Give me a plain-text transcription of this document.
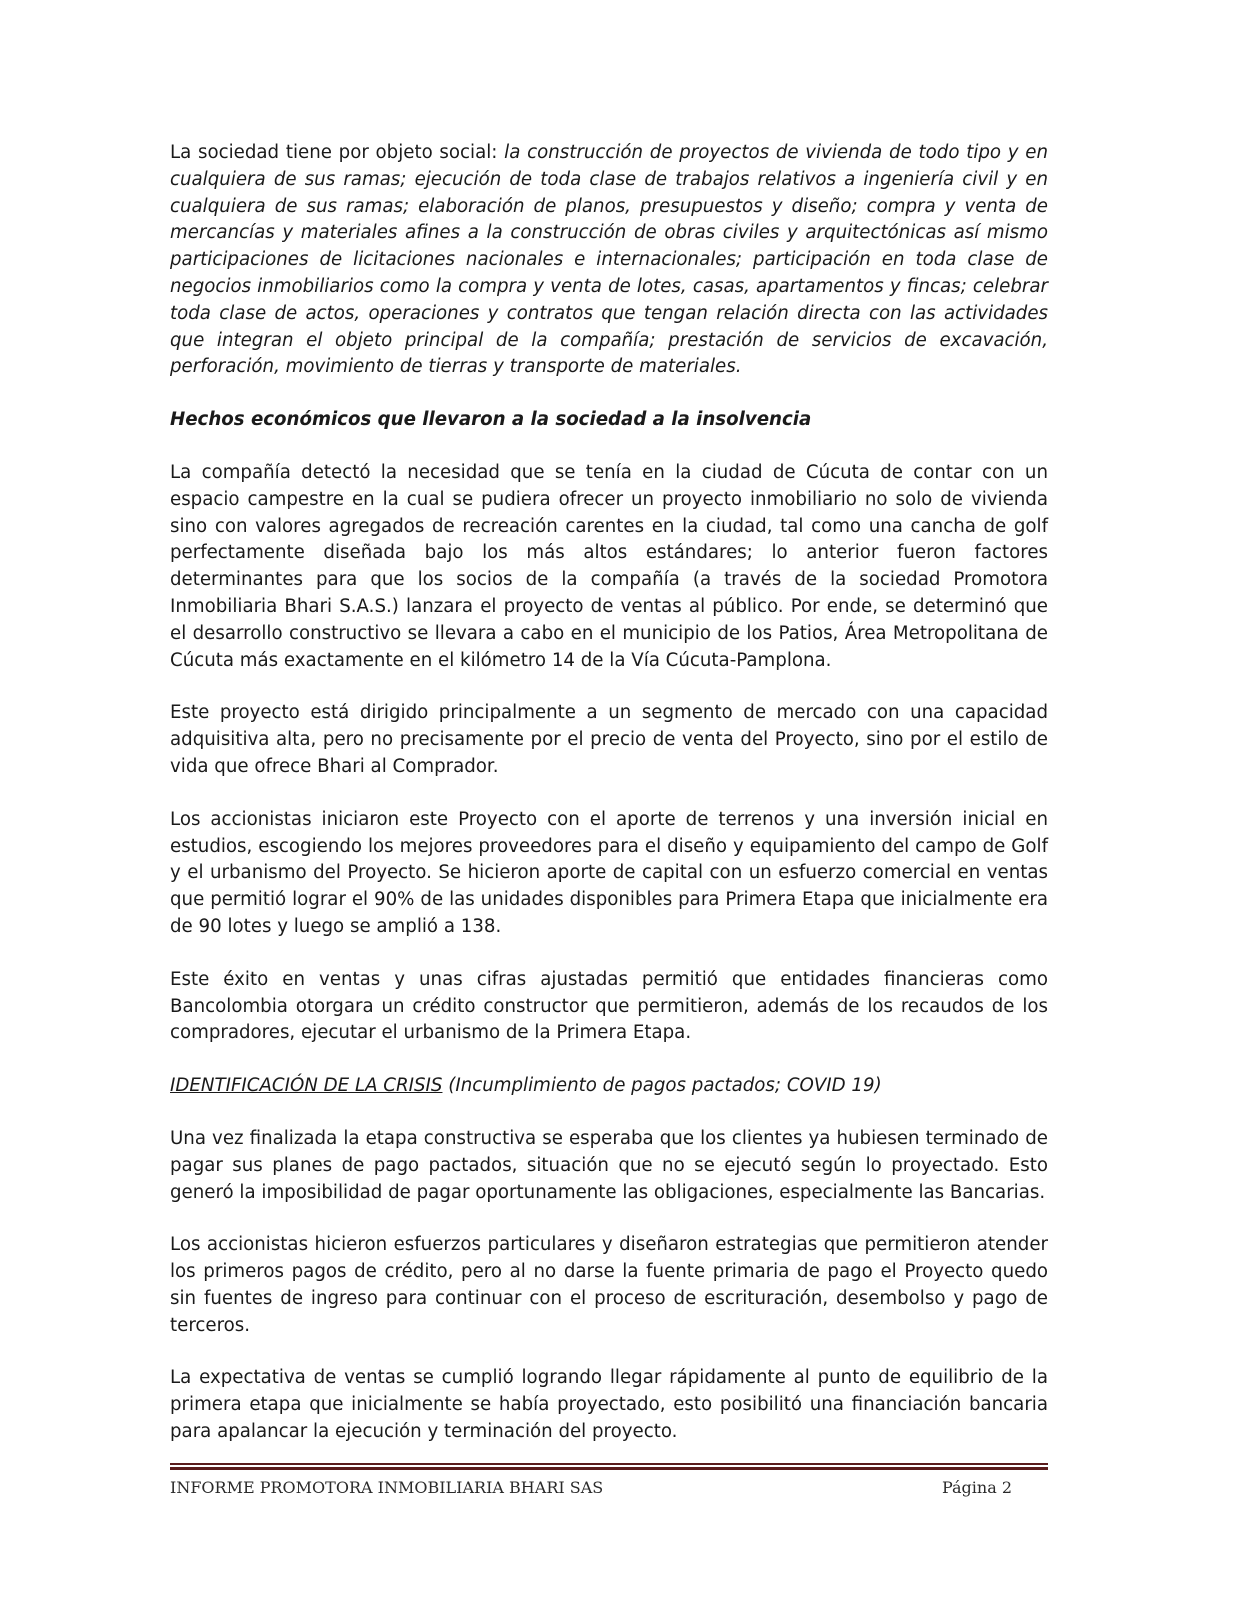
La sociedad tiene por objeto social: la construcción de proyectos de vivienda de todo tipo y en cualquiera de sus ramas; ejecución de toda clase de trabajos relativos a ingeniería civil y en cualquiera de sus ramas; elaboración de planos, presupuestos y diseño; compra y venta de mercancías y materiales afines a la construcción de obras civiles y arquitectónicas así mismo participaciones de licitaciones nacionales e internacionales; participación en toda clase de negocios inmobiliarios como la compra y venta de lotes, casas, apartamentos y fincas; celebrar toda clase de actos, operaciones y contratos que tengan relación directa con las actividades que integran el objeto principal de la compañía; prestación de servicios de excavación, perforación, movimiento de tierras y transporte de materiales.

Hechos económicos que llevaron a la sociedad a la insolvencia

La compañía detectó la necesidad que se tenía en la ciudad de Cúcuta de contar con un espacio campestre en la cual se pudiera ofrecer un proyecto inmobiliario no solo de vivienda sino con valores agregados de recreación carentes en la ciudad, tal como una cancha de golf perfectamente diseñada bajo los más altos estándares; lo anterior fueron factores determinantes para que los socios de la compañía (a través de la sociedad Promotora Inmobiliaria Bhari S.A.S.) lanzara el proyecto de ventas al público. Por ende, se determinó que el desarrollo constructivo se llevara a cabo en el municipio de los Patios, Área Metropolitana de Cúcuta más exactamente en el kilómetro 14 de la Vía Cúcuta-Pamplona.

Este proyecto está dirigido principalmente a un segmento de mercado con una capacidad adquisitiva alta, pero no precisamente por el precio de venta del Proyecto, sino por el estilo de vida que ofrece Bhari al Comprador.

Los accionistas iniciaron este Proyecto con el aporte de terrenos y una inversión inicial en estudios, escogiendo los mejores proveedores para el diseño y equipamiento del campo de Golf y el urbanismo del Proyecto. Se hicieron aporte de capital con un esfuerzo comercial en ventas que permitió lograr el 90% de las unidades disponibles para Primera Etapa que inicialmente era de 90 lotes y luego se amplió a 138.

Este éxito en ventas y unas cifras ajustadas permitió que entidades financieras como Bancolombia otorgara un crédito constructor que permitieron, además de los recaudos de los compradores, ejecutar el urbanismo de la Primera Etapa.

IDENTIFICACIÓN DE LA CRISIS (Incumplimiento de pagos pactados; COVID 19)

Una vez finalizada la etapa constructiva se esperaba que los clientes ya hubiesen terminado de pagar sus planes de pago pactados, situación que no se ejecutó según lo proyectado. Esto generó la imposibilidad de pagar oportunamente las obligaciones, especialmente las Bancarias.

Los accionistas hicieron esfuerzos particulares y diseñaron estrategias que permitieron atender los primeros pagos de crédito, pero al no darse la fuente primaria de pago el Proyecto quedo sin fuentes de ingreso para continuar con el proceso de escrituración, desembolso y pago de terceros.

La expectativa de ventas se cumplió logrando llegar rápidamente al punto de equilibrio de la primera etapa que inicialmente se había proyectado, esto posibilitó una financiación bancaria para apalancar la ejecución y terminación del proyecto.

INFORME PROMOTORA INMOBILIARIA BHARI SAS	Página 2
